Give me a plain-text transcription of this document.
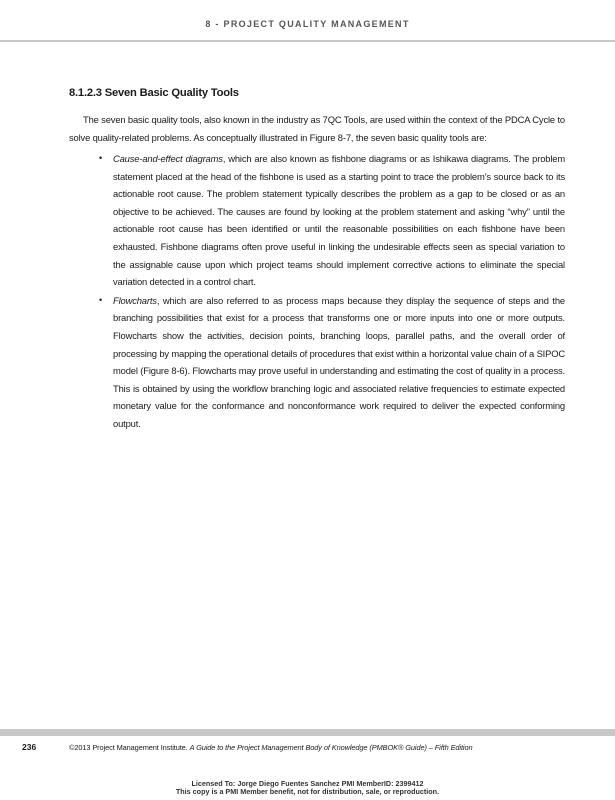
8 - PROJECT QUALITY MANAGEMENT
8.1.2.3 Seven Basic Quality Tools

The seven basic quality tools, also known in the industry as 7QC Tools, are used within the context of the PDCA Cycle to solve quality-related problems. As conceptually illustrated in Figure 8-7, the seven basic quality tools are:

• Cause-and-effect diagrams, which are also known as fishbone diagrams or as Ishikawa diagrams. The problem statement placed at the head of the fishbone is used as a starting point to trace the problem’s source back to its actionable root cause. The problem statement typically describes the problem as a gap to be closed or as an objective to be achieved. The causes are found by looking at the problem statement and asking “why” until the actionable root cause has been identified or until the reasonable possibilities on each fishbone have been exhausted. Fishbone diagrams often prove useful in linking the undesirable effects seen as special variation to the assignable cause upon which project teams should implement corrective actions to eliminate the special variation detected in a control chart.
• Flowcharts, which are also referred to as process maps because they display the sequence of steps and the branching possibilities that exist for a process that transforms one or more inputs into one or more outputs. Flowcharts show the activities, decision points, branching loops, parallel paths, and the overall order of processing by mapping the operational details of procedures that exist within a horizontal value chain of a SIPOC model (Figure 8-6). Flowcharts may prove useful in understanding and estimating the cost of quality in a process. This is obtained by using the workflow branching logic and associated relative frequencies to estimate expected monetary value for the conformance and nonconformance work required to deliver the expected conforming output.
236	©2013 Project Management Institute. A Guide to the Project Management Body of Knowledge (PMBOK® Guide) – Fifth Edition
Licensed To: Jorge Diego Fuentes Sanchez PMI MemberID: 2399412
This copy is a PMI Member benefit, not for distribution, sale, or reproduction.
